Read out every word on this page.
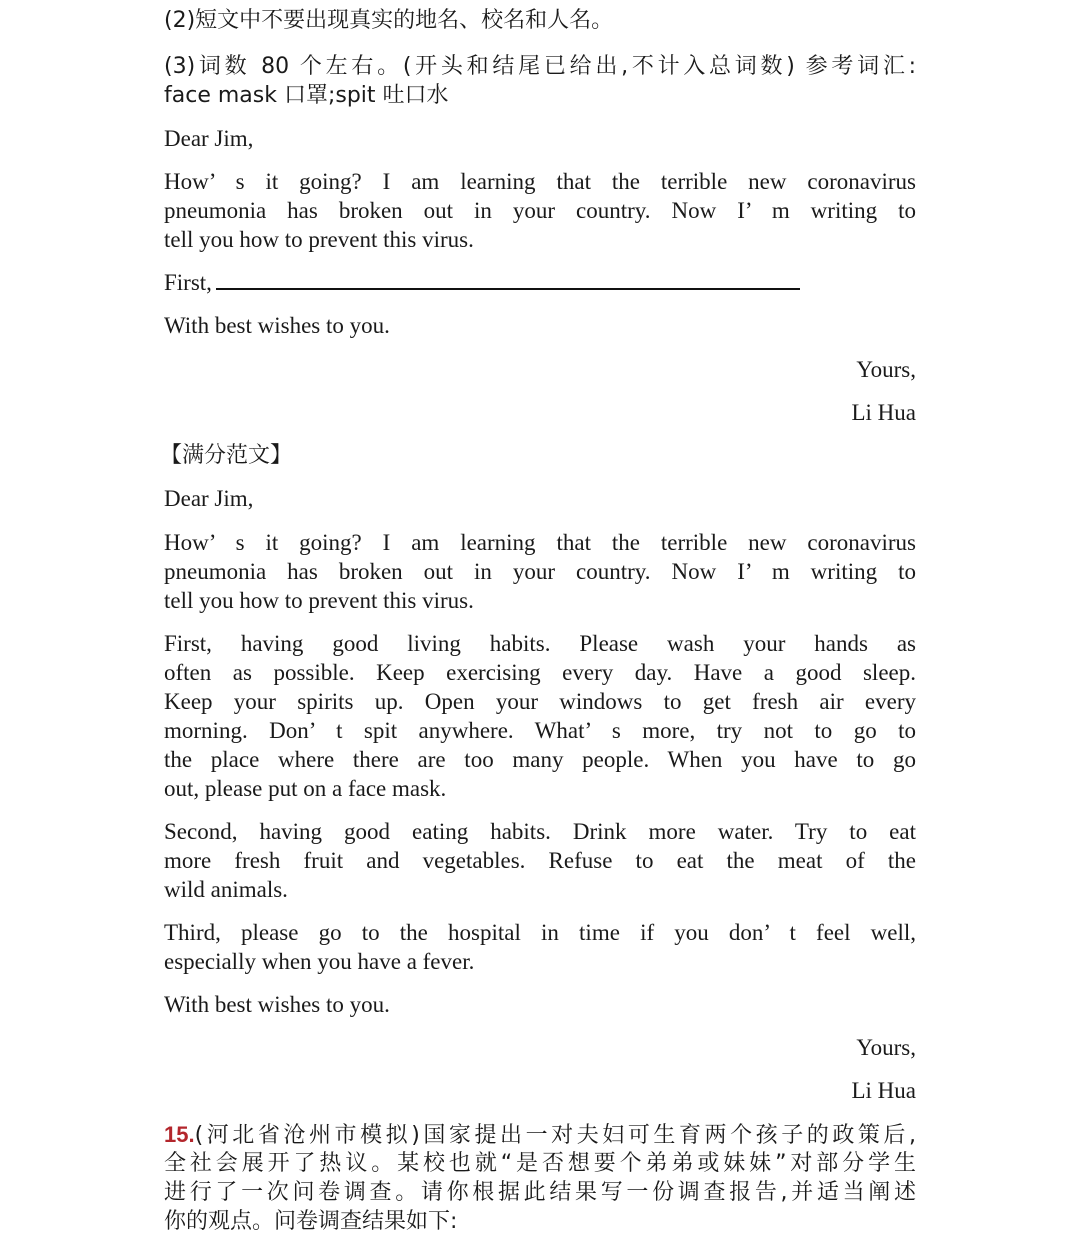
(2)短文中不要出现真实的地名、校名和人名。
(3)词数 80 个左右。(开头和结尾已给出,不计入总词数) 参考词汇:
face mask 口罩;spit 吐口水
Dear Jim,
How’ s it going? I am learning that the terrible new coronavirus
pneumonia has broken out in your country. Now I’ m writing to
tell you how to prevent this virus.
First,
With best wishes to you.
Yours,
Li Hua
【满分范文】
Dear Jim,
How’ s it going? I am learning that the terrible new coronavirus
pneumonia has broken out in your country. Now I’ m writing to
tell you how to prevent this virus.
First, having good living habits. Please wash your hands as
often as possible. Keep exercising every day. Have a good sleep.
Keep your spirits up. Open your windows to get fresh air every
morning. Don’ t spit anywhere. What’ s more, try not to go to
the place where there are too many people. When you have to go
out, please put on a face mask.
Second, having good eating habits. Drink more water. Try to eat
more fresh fruit and vegetables. Refuse to eat the meat of the
wild animals.
Third, please go to the hospital in time if you don’ t feel well,
especially when you have a fever.
With best wishes to you.
Yours,
Li Hua
15.(河北省沧州市模拟)国家提出一对夫妇可生育两个孩子的政策后,
全社会展开了热议。某校也就“是否想要个弟弟或妹妹”对部分学生
进行了一次问卷调查。请你根据此结果写一份调查报告,并适当阐述
你的观点。问卷调查结果如下:
